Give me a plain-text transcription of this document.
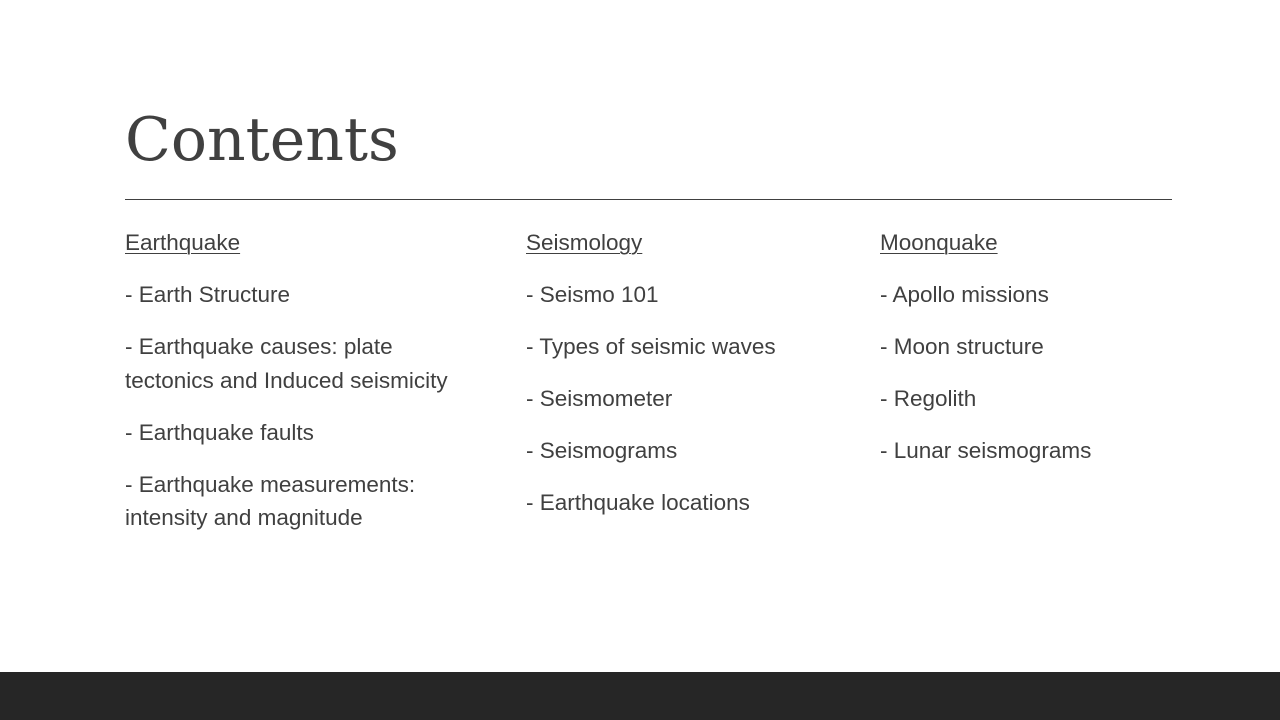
Contents
Earthquake
- Earth Structure
- Earthquake causes: plate tectonics and Induced seismicity
- Earthquake faults
- Earthquake measurements: intensity and magnitude
Seismology
- Seismo 101
- Types of seismic waves
- Seismometer
- Seismograms
- Earthquake locations
Moonquake
- Apollo missions
- Moon structure
- Regolith
- Lunar seismograms
